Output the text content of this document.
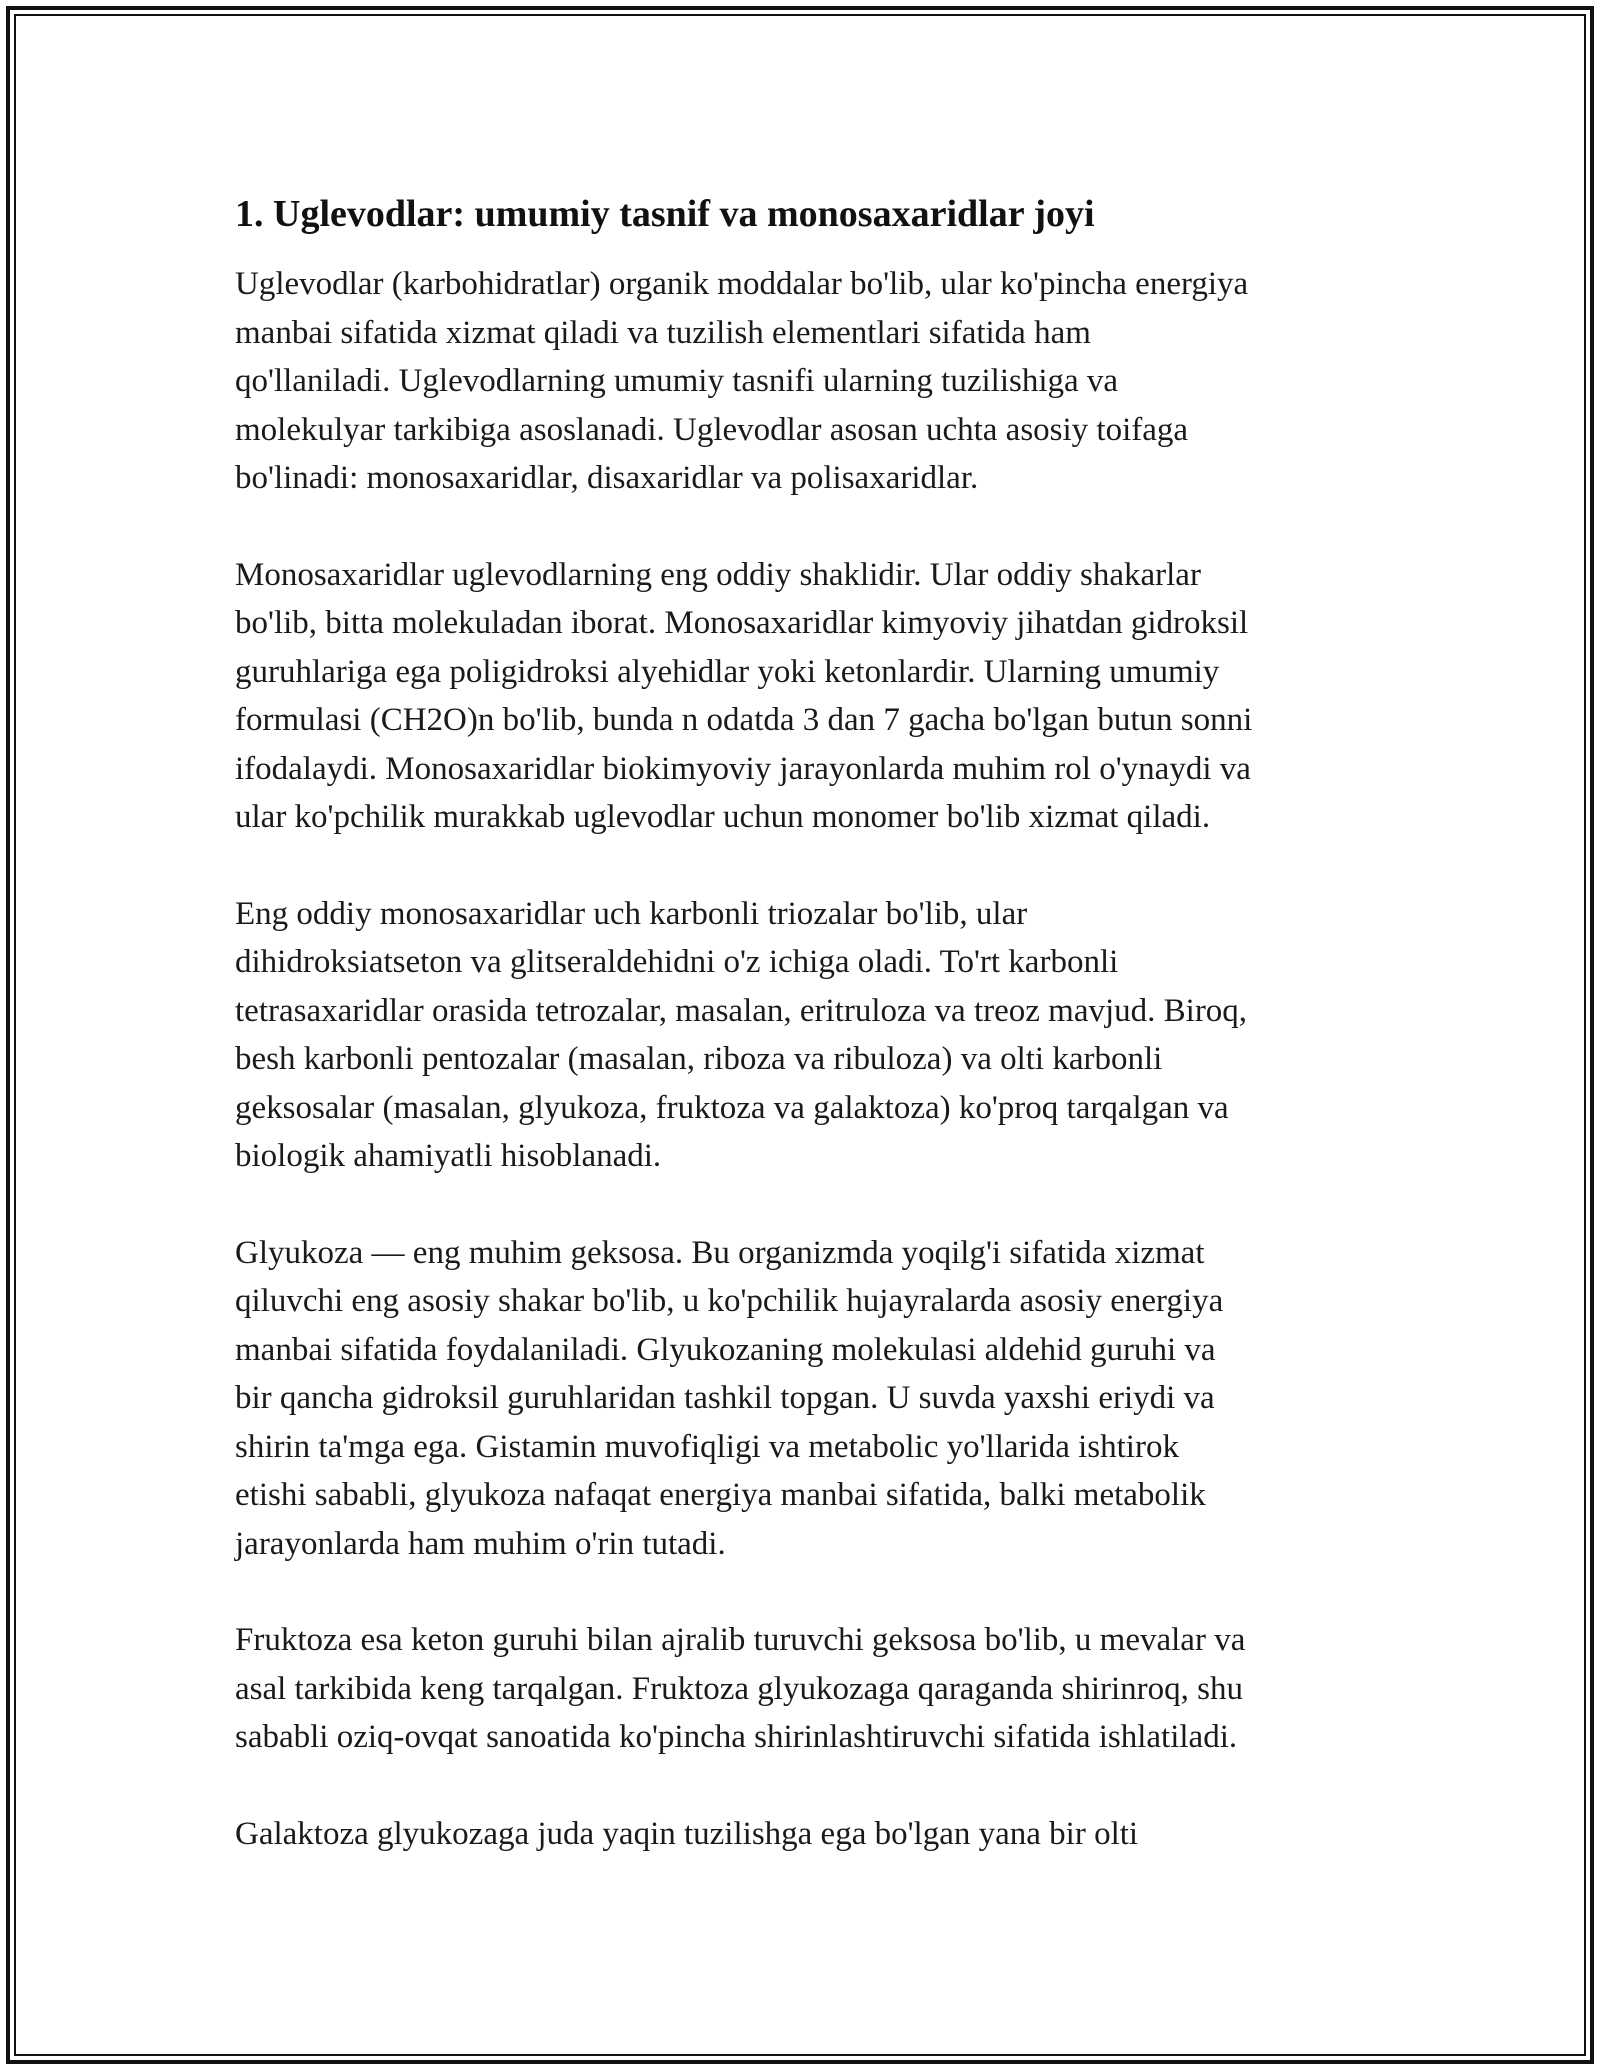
1. Uglevodlar: umumiy tasnif va monosaxaridlar joyi

Uglevodlar (karbohidratlar) organik moddalar bo'lib, ular ko'pincha energiya
manbai sifatida xizmat qiladi va tuzilish elementlari sifatida ham
qo'llaniladi. Uglevodlarning umumiy tasnifi ularning tuzilishiga va
molekulyar tarkibiga asoslanadi. Uglevodlar asosan uchta asosiy toifaga
bo'linadi: monosaxaridlar, disaxaridlar va polisaxaridlar.

Monosaxaridlar uglevodlarning eng oddiy shaklidir. Ular oddiy shakarlar
bo'lib, bitta molekuladan iborat. Monosaxaridlar kimyoviy jihatdan gidroksil
guruhlariga ega poligidroksi alyehidlar yoki ketonlardir. Ularning umumiy
formulasi (CH2O)n bo'lib, bunda n odatda 3 dan 7 gacha bo'lgan butun sonni
ifodalaydi. Monosaxaridlar biokimyoviy jarayonlarda muhim rol o'ynaydi va
ular ko'pchilik murakkab uglevodlar uchun monomer bo'lib xizmat qiladi.

Eng oddiy monosaxaridlar uch karbonli triozalar bo'lib, ular
dihidroksiatseton va glitseraldehidni o'z ichiga oladi. To'rt karbonli
tetrasaxaridlar orasida tetrozalar, masalan, eritruloza va treoz mavjud. Biroq,
besh karbonli pentozalar (masalan, riboza va ribuloza) va olti karbonli
geksosalar (masalan, glyukoza, fruktoza va galaktoza) ko'proq tarqalgan va
biologik ahamiyatli hisoblanadi.

Glyukoza — eng muhim geksosa. Bu organizmda yoqilg'i sifatida xizmat
qiluvchi eng asosiy shakar bo'lib, u ko'pchilik hujayralarda asosiy energiya
manbai sifatida foydalaniladi. Glyukozaning molekulasi aldehid guruhi va
bir qancha gidroksil guruhlaridan tashkil topgan. U suvda yaxshi eriydi va
shirin ta'mga ega. Gistamin muvofiqligi va metabolic yo'llarida ishtirok
etishi sababli, glyukoza nafaqat energiya manbai sifatida, balki metabolik
jarayonlarda ham muhim o'rin tutadi.

Fruktoza esa keton guruhi bilan ajralib turuvchi geksosa bo'lib, u mevalar va
asal tarkibida keng tarqalgan. Fruktoza glyukozaga qaraganda shirinroq, shu
sababli oziq-ovqat sanoatida ko'pincha shirinlashtiruvchi sifatida ishlatiladi.

Galaktoza glyukozaga juda yaqin tuzilishga ega bo'lgan yana bir olti
